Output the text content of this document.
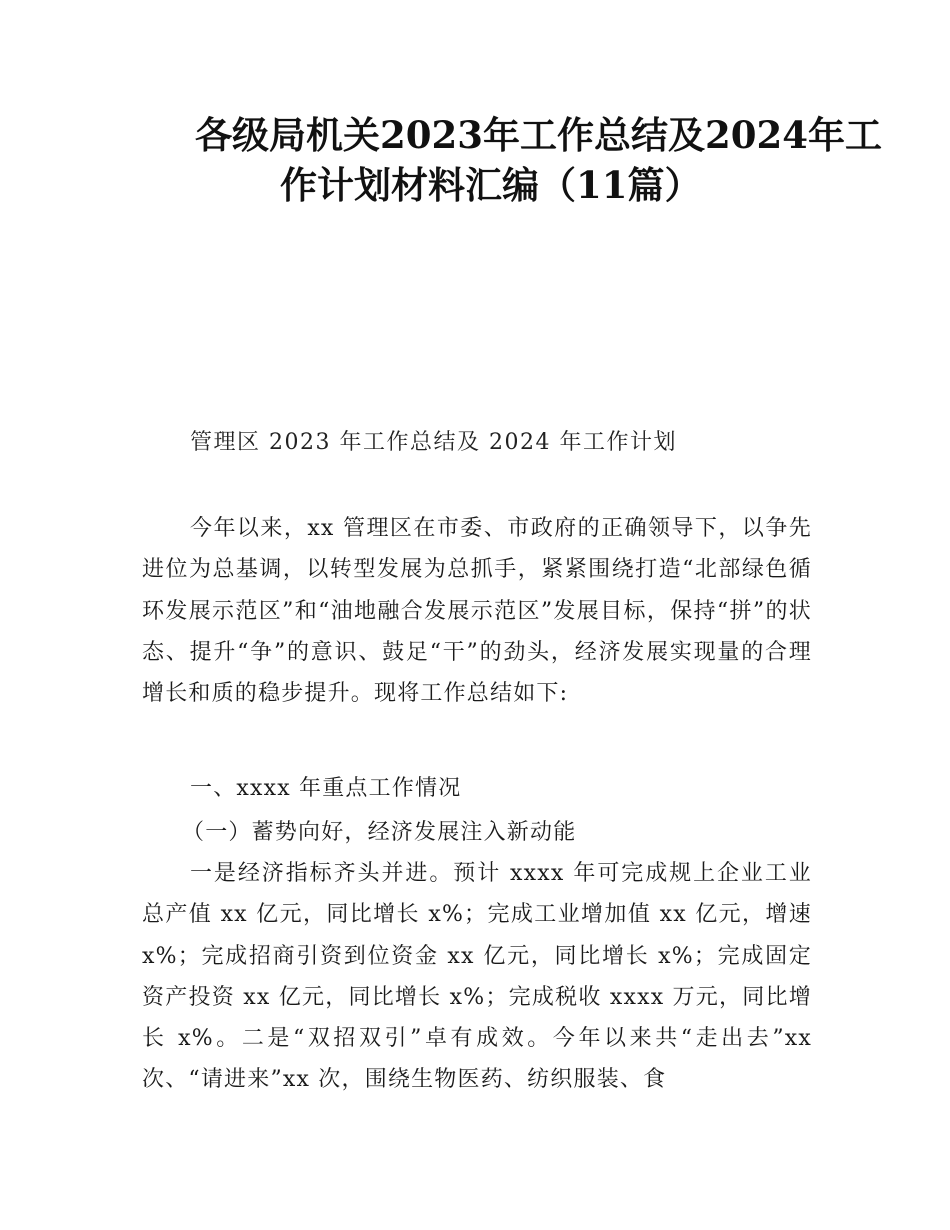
各级局机关2023年工作总结及2024年工
作计划材料汇编（11篇）
管理区 2023 年工作总结及 2024 年工作计划

今年以来，xx 管理区在市委、市政府的正确领导下，以争先进位为总基调，以转型发展为总抓手，紧紧围绕打造“北部绿色循环发展示范区”和“油地融合发展示范区”发展目标，保持“拼”的状态、提升“争”的意识、鼓足“干”的劲头，经济发展实现量的合理增长和质的稳步提升。现将工作总结如下:

一、xxxx 年重点工作情况

（一）蓄势向好，经济发展注入新动能

一是经济指标齐头并进。预计 xxxx 年可完成规上企业工业总产值 xx 亿元，同比增长 x%；完成工业增加值 xx 亿元，增速 x%；完成招商引资到位资金 xx 亿元，同比增长 x%；完成固定资产投资 xx 亿元，同比增长 x%；完成税收 xxxx 万元，同比增长 x%。二是“双招双引”卓有成效。今年以来共“走出去”xx 次、“请进来”xx 次，围绕生物医药、纺织服装、食
